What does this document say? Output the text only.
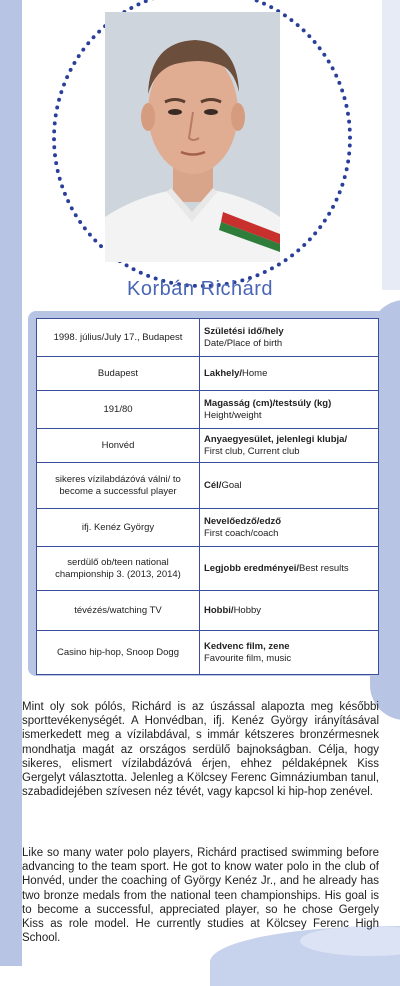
Korbán Richárd
1998. július/July 17., Budapest	Születési idő/hely
Date/Place of birth
Budapest	Lakhely/Home
191/80	Magasság (cm)/testsúly (kg)
Height/weight
Honvéd	Anyaegyesület, jelenlegi klubja/
First club, Current club
sikeres vízilabdázóvá válni/ to become a successful player	Cél/Goal
ifj. Kenéz György	Nevelőedző/edző
First coach/coach
serdülő ob/teen national championship 3. (2013, 2014)	Legjobb eredményei/Best results
tévézés/watching TV	Hobbi/Hobby
Casino hip-hop, Snoop Dogg	Kedvenc film, zene
Favourite film, music
Mint oly sok pólós, Richárd is az úszással alapozta meg későbbi sporttevékenységét. A Honvédban, ifj. Kenéz György irányításával ismerkedett meg a vízilabdával, s immár kétszeres bronzérmesnek mondhatja magát az országos serdülő bajnokságban. Célja, hogy sikeres, elismert vízilabdázóvá érjen, ehhez példaképnek Kiss Gergelyt választotta. Jelenleg a Kölcsey Ferenc Gimnáziumban tanul, szabadidejében szívesen néz tévét, vagy kapcsol ki hip-hop zenével.
Like so many water polo players, Richárd practised swimming before advancing to the team sport. He got to know water polo in the club of Honvéd, under the coaching of György Kenéz Jr., and he already has two bronze medals from the national teen championships. His goal is to become a successful, appreciated player, so he chose Gergely Kiss as role model. He currently studies at Kölcsey Ferenc High School.
